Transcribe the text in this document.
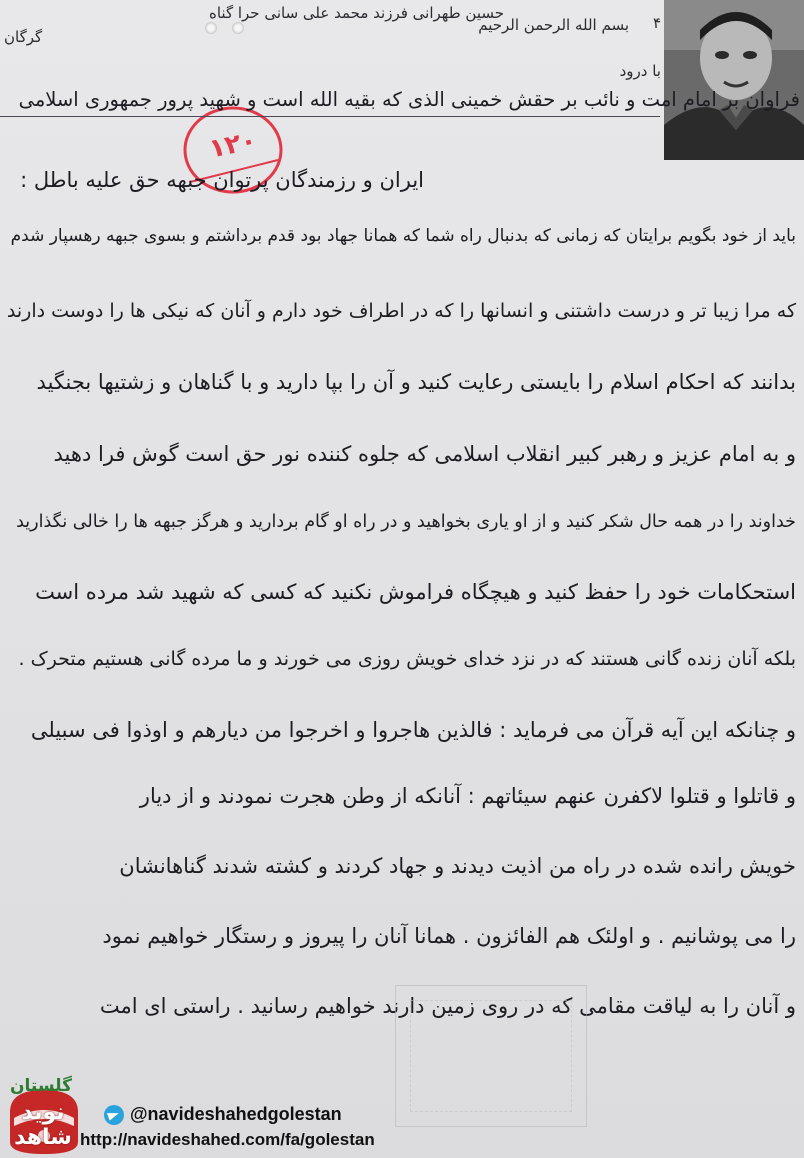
حسین طهرانی فرزند محمد علی سانی حرا گناه
گرگان
بسم الله الرحمن الرحیم	۴
با درود
۱۲۰
فراوان بر امام امت و نائب بر حقش خمینی الذی که بقیه الله است و شهید پرور جمهوری اسلامی
ایران و رزمندگان پرتوان جبهه حق علیه باطل :
باید از خود بگویم برایتان که زمانی که بدنبال راه شما که همانا جهاد بود قدم برداشتم و بسوی جبهه رهسپار شدم
که مرا زیبا تر و درست داشتنی و انسانها را که در اطراف خود دارم و آنان که نیکی ها را دوست دارند
بدانند که احکام اسلام را بایستی رعایت کنید و آن را بپا دارید و با گناهان و زشتیها بجنگید
و به امام عزیز و رهبر کبیر انقلاب اسلامی که جلوه کننده نور حق است گوش فرا دهید
خداوند را در همه حال شکر کنید و از او یاری بخواهید و در راه او گام بردارید و هرگز جبهه ها را خالی نگذارید
استحکامات خود را حفظ کنید و هیچگاه فراموش نکنید که کسی که شهید شد مرده است
بلکه آنان زنده گانی هستند که در نزد خدای خویش روزی می خورند و ما مرده گانی هستیم متحرک .
و چنانکه این آیه قرآن می فرماید : فالذین هاجروا و اخرجوا من دیارهم و اوذوا فی سبیلی
و قاتلوا و قتلوا لاکفرن عنهم سیئاتهم : آنانکه از وطن هجرت نمودند و از دیار
خویش رانده شده در راه من اذیت دیدند و جهاد کردند و کشته شدند گناهانشان
را می پوشانیم . و اولئک هم الفائزون . همانا آنان را پیروز و رستگار خواهیم نمود
و آنان را به لیاقت مقامی که در روی زمین دارند خواهیم رسانید . راستی ای امت
گلستان
نوید شاهد
@navideshahedgolestan
http://navideshahed.com/fa/golestan
